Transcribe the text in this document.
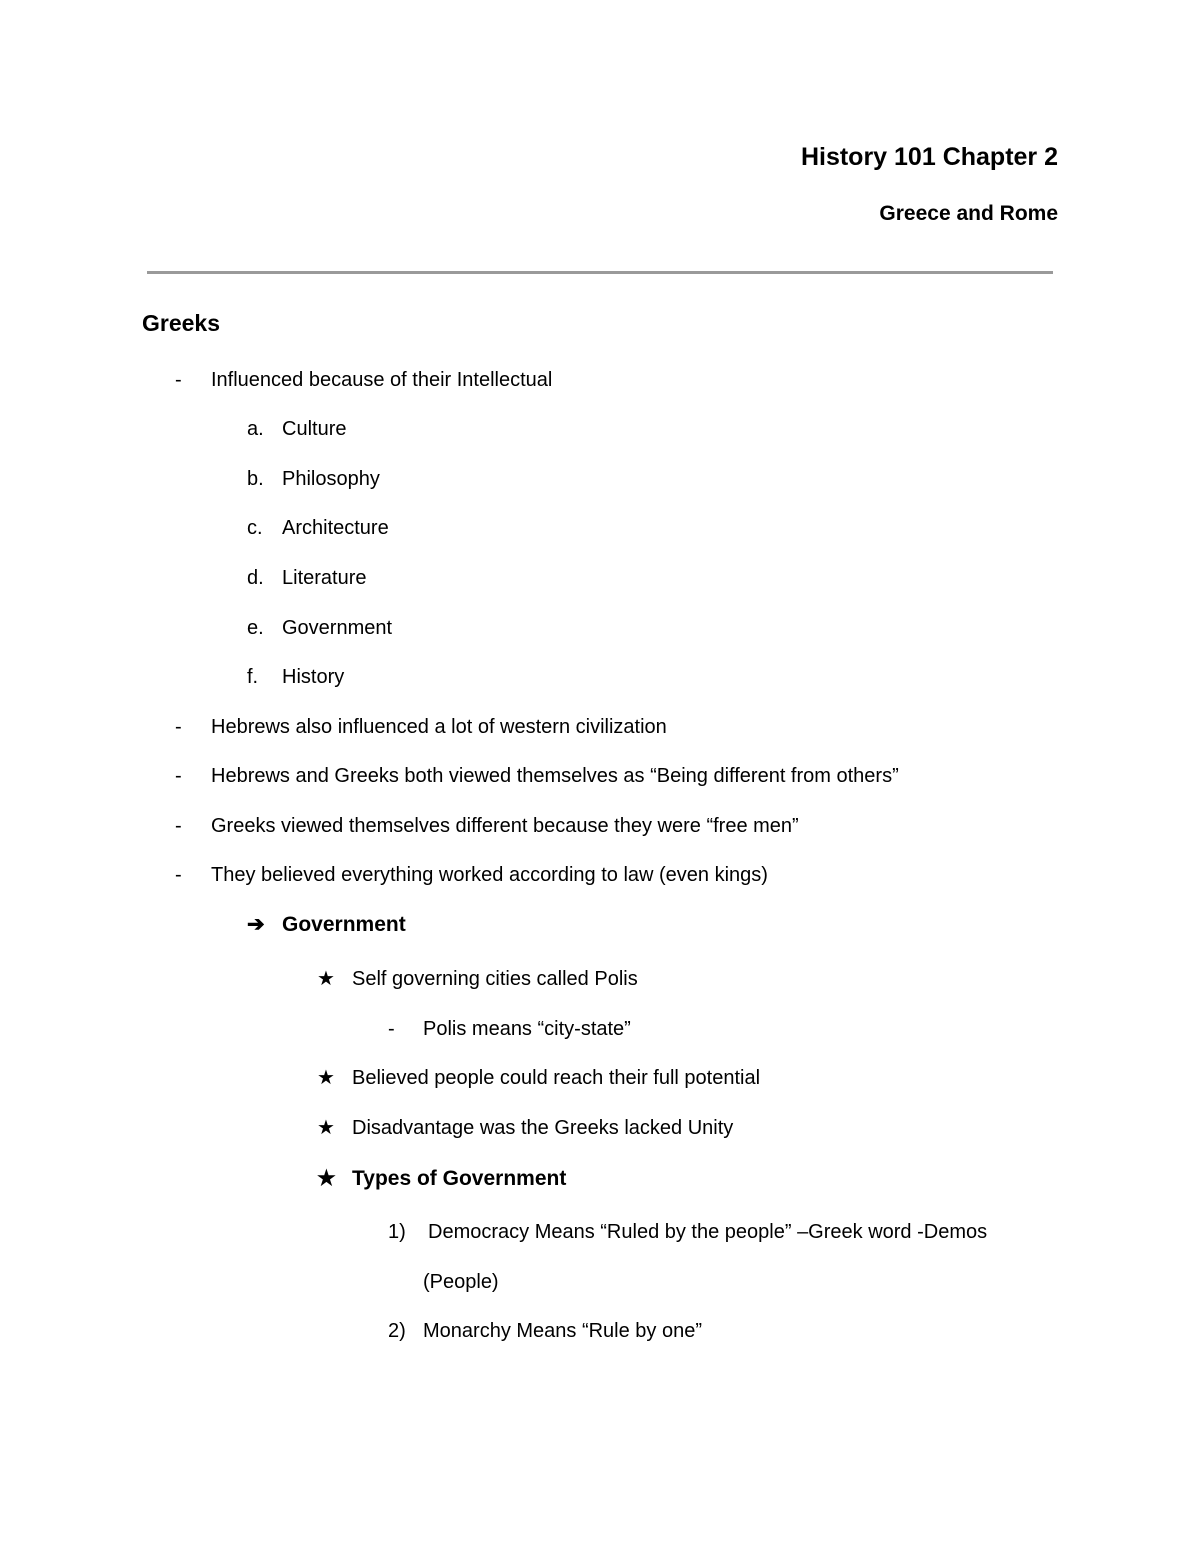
History 101 Chapter 2
Greece and Rome
Greeks
- Influenced because of their Intellectual
a. Culture
b. Philosophy
c. Architecture
d. Literature
e. Government
f. History
- Hebrews also influenced a lot of western civilization
- Hebrews and Greeks both viewed themselves as “Being different from others”
- Greeks viewed themselves different because they were “free men”
- They believed everything worked according to law (even kings)
➔ Government
★ Self governing cities called Polis
- Polis means “city-state”
★ Believed people could reach their full potential
★ Disadvantage was the Greeks lacked Unity
★ Types of Government
1) Democracy Means “Ruled by the people” –Greek word -Demos
(People)
2) Monarchy Means “Rule by one”
